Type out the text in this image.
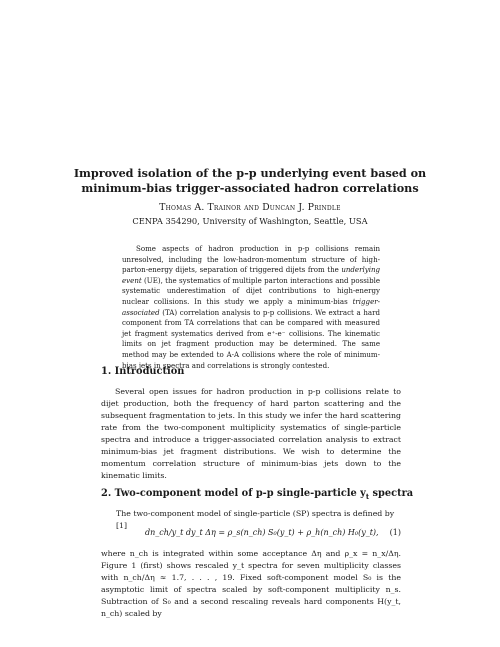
Improved isolation of the p-p underlying event based on minimum-bias trigger-associated hadron correlations
Thomas A. Trainor and Duncan J. Prindle
CENPA 354290, University of Washington, Seattle, USA
Some aspects of hadron production in p-p collisions remain unresolved, including the low-hadron-momentum structure of high-parton-energy dijets, separation of triggered dijets from the underlying event (UE), the systematics of multiple parton interactions and possible systematic underestimation of dijet contributions to high-energy nuclear collisions. In this study we apply a minimum-bias trigger-associated (TA) correlation analysis to p-p collisions. We extract a hard component from TA correlations that can be compared with measured jet fragment systematics derived from e⁺-e⁻ collisions. The kinematic limits on jet fragment production may be determined. The same method may be extended to A-A collisions where the role of minimum-bias jets in spectra and correlations is strongly contested.
1. Introduction
Several open issues for hadron production in p-p collisions relate to dijet production, both the frequency of hard parton scattering and the subsequent fragmentation to jets. In this study we infer the hard scattering rate from the two-component multiplicity systematics of single-particle spectra and introduce a trigger-associated correlation analysis to extract minimum-bias jet fragment distributions. We wish to determine the momentum correlation structure of minimum-bias jets down to the kinematic limits.
2. Two-component model of p-p single-particle $y_t$ spectra
The two-component model of single-particle (SP) spectra is defined by [1]
dn_ch/y_t dy_t Δη = ρ_s(n_ch) S₀(y_t) + ρ_h(n_ch) H₀(y_t), (1)
where n_ch is integrated within some acceptance Δη and ρ_x = n_x/Δη. Figure 1 (first) shows rescaled y_t spectra for seven multiplicity classes with n_ch/Δη ≈ 1.7, . . . , 19. Fixed soft-component model S₀ is the asymptotic limit of spectra scaled by soft-component multiplicity n_s. Subtraction of S₀ and a second rescaling reveals hard components H(y_t, n_ch) scaled by
